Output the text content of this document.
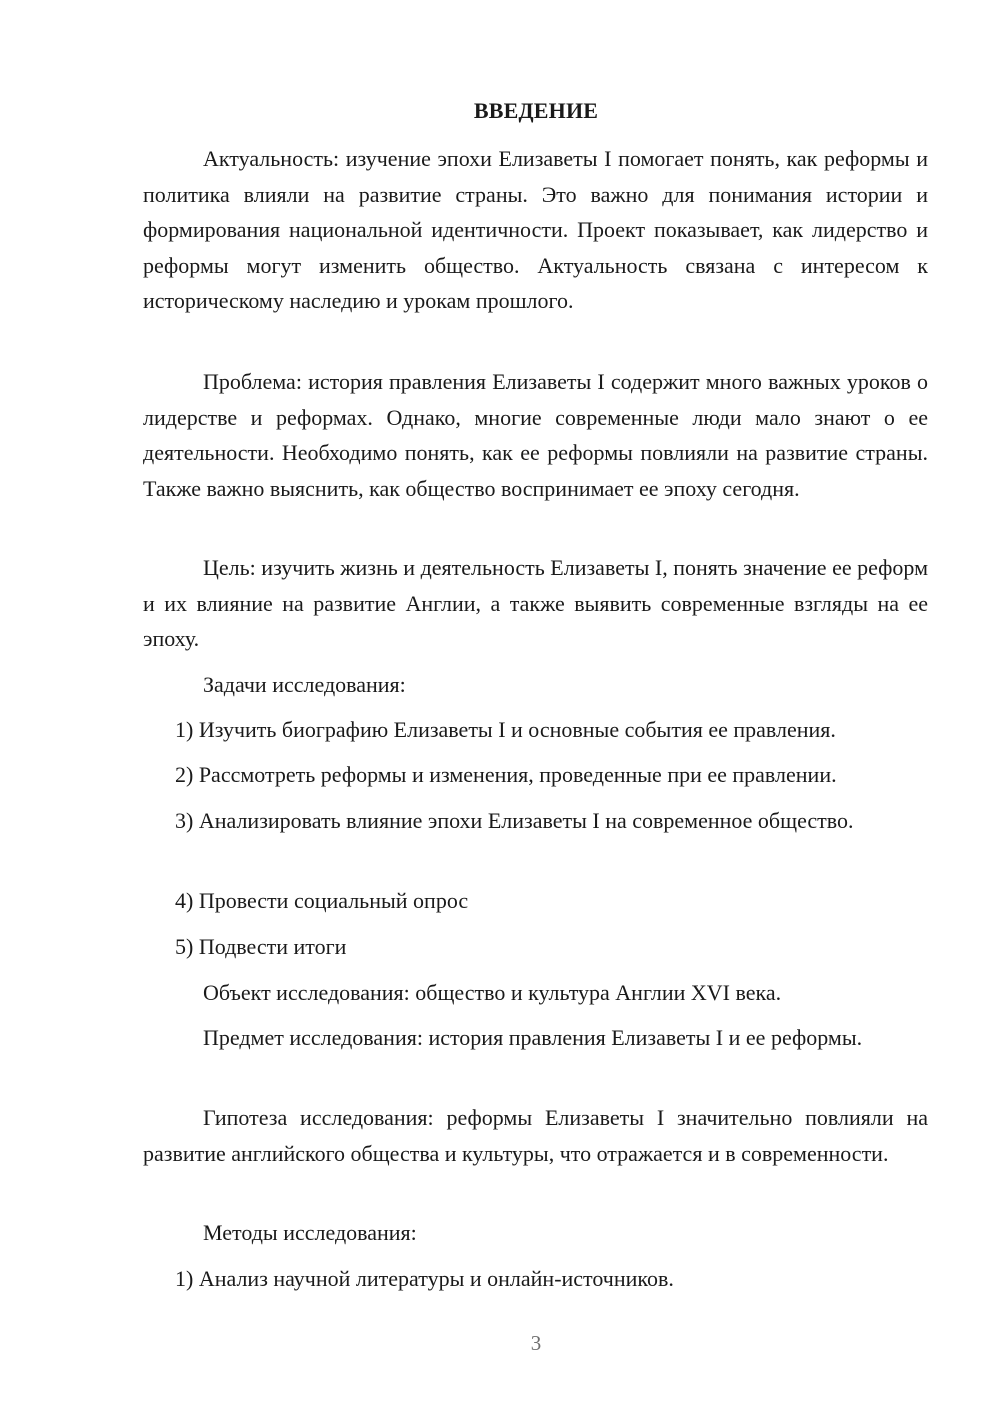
ВВЕДЕНИЕ

Актуальность: изучение эпохи Елизаветы I помогает понять, как реформы и политика влияли на развитие страны. Это важно для понимания истории и формирования национальной идентичности. Проект показывает, как лидерство и реформы могут изменить общество. Актуальность связана с интересом к историческому наследию и урокам прошлого.

Проблема: история правления Елизаветы I содержит много важных уроков о лидерстве и реформах. Однако, многие современные люди мало знают о ее деятельности. Необходимо понять, как ее реформы повлияли на развитие страны. Также важно выяснить, как общество воспринимает ее эпоху сегодня.

Цель: изучить жизнь и деятельность Елизаветы I, понять значение ее реформ и их влияние на развитие Англии, а также выявить современные взгляды на ее эпоху.

Задачи исследования:

1) Изучить биографию Елизаветы I и основные события ее правления.

2) Рассмотреть реформы и изменения, проведенные при ее правлении.

3) Анализировать влияние эпохи Елизаветы I на современное общество.

4) Провести социальный опрос

5) Подвести итоги

Объект исследования: общество и культура Англии XVI века.

Предмет исследования: история правления Елизаветы I и ее реформы.

Гипотеза исследования: реформы Елизаветы I значительно повлияли на развитие английского общества и культуры, что отражается и в современности.

Методы исследования:

1) Анализ научной литературы и онлайн-источников.

3
